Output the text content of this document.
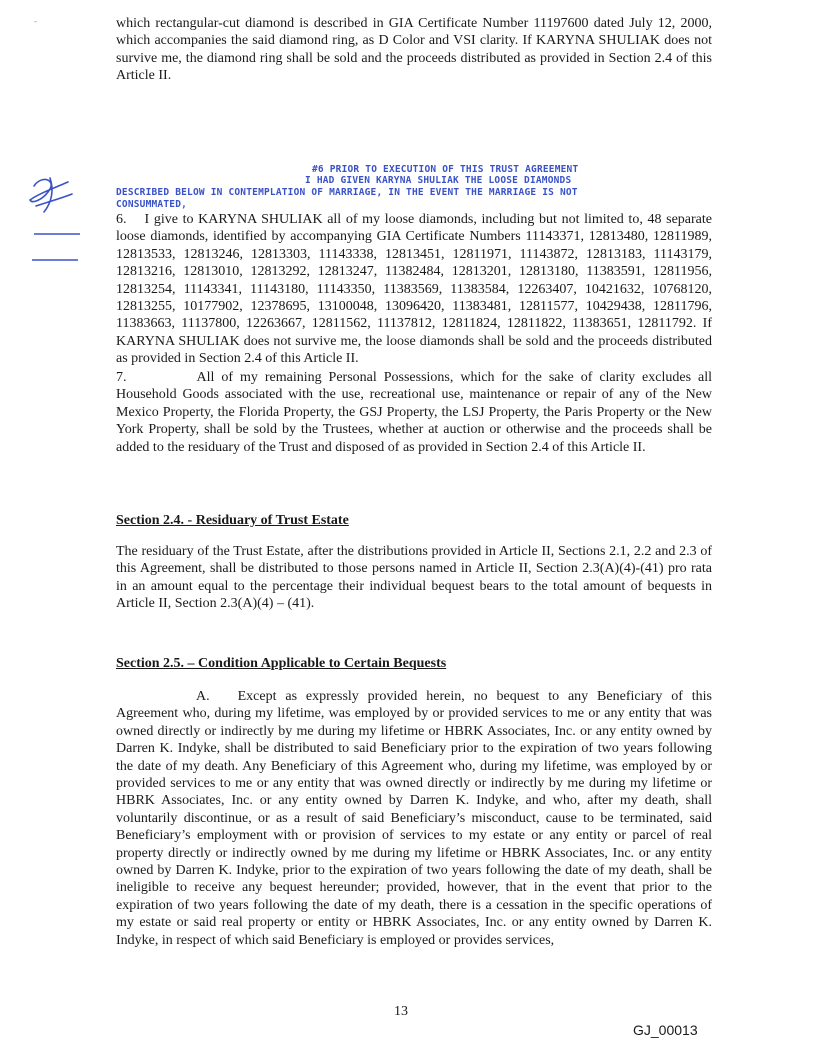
-	which rectangular-cut diamond is described in GIA Certificate Number 11197600 dated July 12, 2000, which accompanies the said diamond ring, as D Color and VSI clarity. If KARYNA SHULIAK does not survive me, the diamond ring shall be sold and the proceeds distributed as provided in Section 2.4 of this Article II.

#6 PRIOR TO EXECUTION OF THIS TRUST AGREEMENT
I HAD GIVEN KARYNA SHULIAK THE LOOSE DIAMONDS
DESCRIBED BELOW IN CONTEMPLATION OF MARRIAGE, IN THE EVENT THE MARRIAGE IS NOT
CONSUMMATED,

6. I give to KARYNA SHULIAK all of my loose diamonds, including but not limited to, 48 separate loose diamonds, identified by accompanying GIA Certificate Numbers 11143371, 12813480, 12811989, 12813533, 12813246, 12813303, 11143338, 12813451, 12811971, 11143872, 12813183, 11143179, 12813216, 12813010, 12813292, 12813247, 11382484, 12813201, 12813180, 11383591, 12811956, 12813254, 11143341, 11143180, 11143350, 11383569, 11383584, 12263407, 10421632, 10768120, 12813255, 10177902, 12378695, 13100048, 13096420, 11383481, 12811577, 10429438, 12811796, 11383663, 11137800, 12263667, 12811562, 11137812, 12811824, 12811822, 11383651, 12811792. If KARYNA SHULIAK does not survive me, the loose diamonds shall be sold and the proceeds distributed as provided in Section 2.4 of this Article II.

7.	All of my remaining Personal Possessions, which for the sake of clarity excludes all Household Goods associated with the use, recreational use, maintenance or repair of any of the New Mexico Property, the Florida Property, the GSJ Property, the LSJ Property, the Paris Property or the New York Property, shall be sold by the Trustees, whether at auction or otherwise and the proceeds shall be added to the residuary of the Trust and disposed of as provided in Section 2.4 of this Article II.

Section 2.4. - Residuary of Trust Estate

The residuary of the Trust Estate, after the distributions provided in Article II, Sections 2.1, 2.2 and 2.3 of this Agreement, shall be distributed to those persons named in Article II, Section 2.3(A)(4)-(41) pro rata in an amount equal to the percentage their individual bequest bears to the total amount of bequests in Article II, Section 2.3(A)(4) – (41).

Section 2.5. – Condition Applicable to Certain Bequests

A. Except as expressly provided herein, no bequest to any Beneficiary of this Agreement who, during my lifetime, was employed by or provided services to me or any entity that was owned directly or indirectly by me during my lifetime or HBRK Associates, Inc. or any entity owned by Darren K. Indyke, shall be distributed to said Beneficiary prior to the expiration of two years following the date of my death. Any Beneficiary of this Agreement who, during my lifetime, was employed by or provided services to me or any entity that was owned directly or indirectly by me during my lifetime or HBRK Associates, Inc. or any entity owned by Darren K. Indyke, and who, after my death, shall voluntarily discontinue, or as a result of said Beneficiary’s misconduct, cause to be terminated, said Beneficiary’s employment with or provision of services to my estate or any entity or parcel of real property directly or indirectly owned by me during my lifetime or HBRK Associates, Inc. or any entity owned by Darren K. Indyke, prior to the expiration of two years following the date of my death, shall be ineligible to receive any bequest hereunder; provided, however, that in the event that prior to the expiration of two years following the date of my death, there is a cessation in the specific operations of my estate or said real property or entity or HBRK Associates, Inc. or any entity owned by Darren K. Indyke, in respect of which said Beneficiary is employed or provides services,

13
GJ_00013
